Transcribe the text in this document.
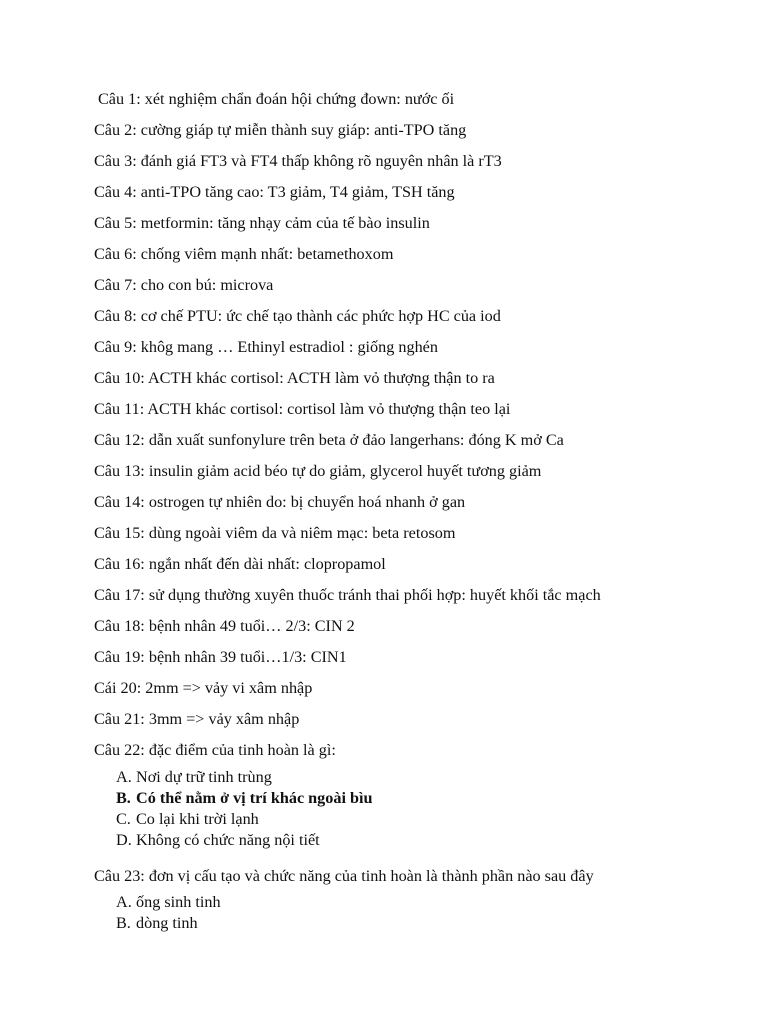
Câu 1: xét nghiệm chẩn đoán hội chứng đown: nước ối
Câu 2: cường giáp tự miễn thành suy giáp: anti-TPO tăng
Câu 3: đánh giá FT3 và FT4 thấp không rõ nguyên nhân là rT3
Câu 4: anti-TPO tăng cao: T3 giảm, T4 giảm, TSH tăng
Câu 5: metformin: tăng nhạy cảm của tế bào insulin
Câu 6: chống viêm mạnh nhất: betamethoxom
Câu 7: cho con bú: microva
Câu 8: cơ chế PTU: ức chế tạo thành các phức hợp HC của iod
Câu 9: khôg mang … Ethinyl estradiol : giống nghén
Câu 10: ACTH khác cortisol: ACTH làm vỏ thượng thận to ra
Câu 11: ACTH khác cortisol: cortisol làm vỏ thượng thận teo lại
Câu 12: dẫn xuất sunfonylure trên beta ở đảo langerhans: đóng K mở Ca
Câu 13: insulin giảm acid béo tự do giảm, glycerol huyết tương giảm
Câu 14: ostrogen tự nhiên do: bị chuyển hoá nhanh ở gan
Câu 15: dùng ngoài viêm da và niêm mạc: beta retosom
Câu 16: ngắn nhất đến dài nhất: clopropamol
Câu 17: sử dụng thường xuyên thuốc tránh thai phối hợp: huyết khối tắc mạch
Câu 18: bệnh nhân 49 tuổi… 2/3: CIN 2
Câu 19: bệnh nhân 39 tuổi…1/3: CIN1
Cái 20: 2mm => vảy vi xâm nhập
Câu 21: 3mm => vảy xâm nhập
Câu 22: đặc điểm của tinh hoàn là gì:
A. Nơi dự trữ tinh trùng
B. Có thể nằm ở vị trí khác ngoài bìu
C. Co lại khi trời lạnh
D. Không có chức năng nội tiết
Câu 23: đơn vị cấu tạo và chức năng của tinh hoàn là thành phần nào sau đây
A. ống sinh tinh
B. dòng tinh
